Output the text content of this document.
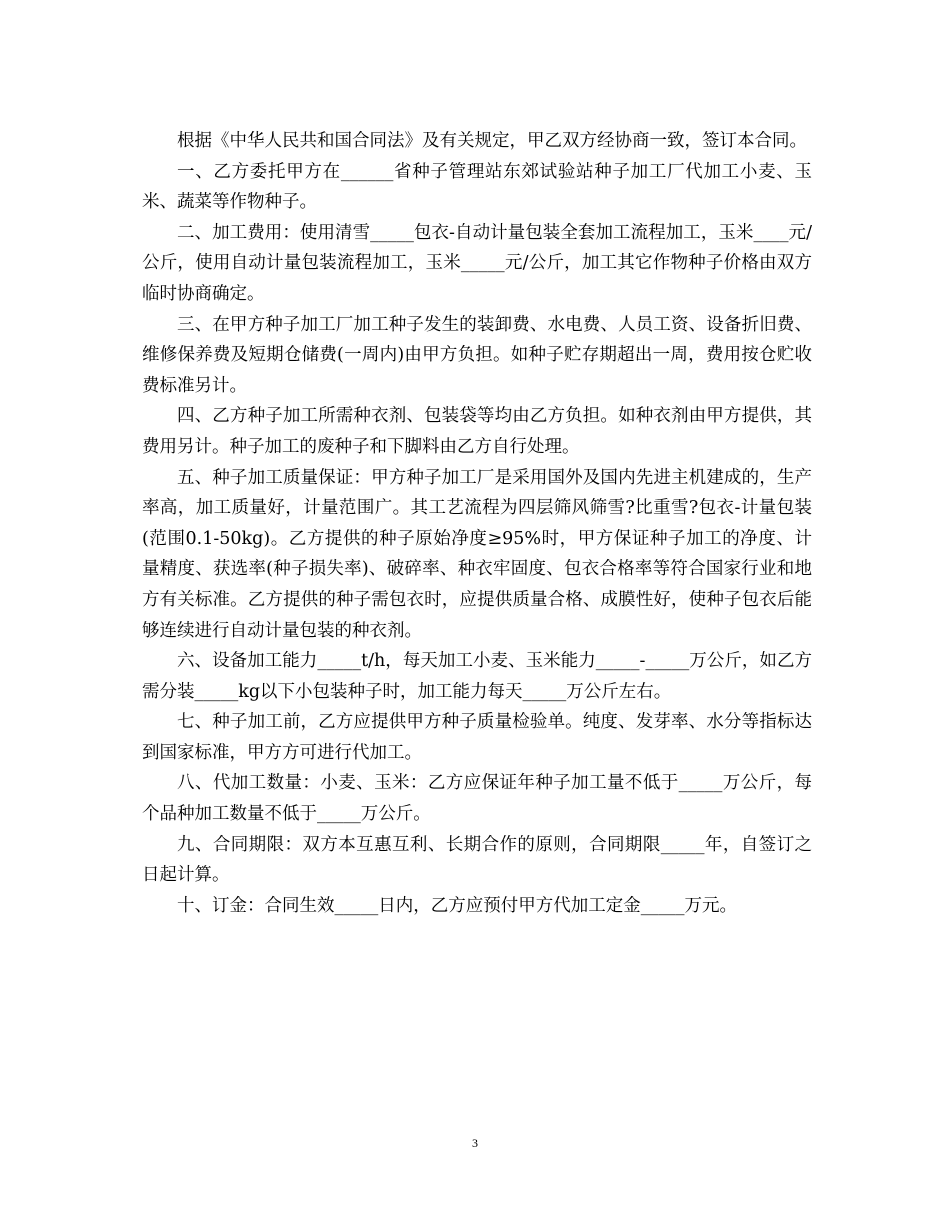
根据《中华人民共和国合同法》及有关规定，甲乙双方经协商一致，签订本合同。

一、乙方委托甲方在______省种子管理站东郊试验站种子加工厂代加工小麦、玉米、蔬菜等作物种子。

二、加工费用：使用清雪_____包衣-自动计量包装全套加工流程加工，玉米____元/公斤，使用自动计量包装流程加工，玉米_____元/公斤，加工其它作物种子价格由双方临时协商确定。

三、在甲方种子加工厂加工种子发生的装卸费、水电费、人员工资、设备折旧费、维修保养费及短期仓储费(一周内)由甲方负担。如种子贮存期超出一周，费用按仓贮收费标准另计。

四、乙方种子加工所需种衣剂、包装袋等均由乙方负担。如种衣剂由甲方提供，其费用另计。种子加工的废种子和下脚料由乙方自行处理。

五、种子加工质量保证：甲方种子加工厂是采用国外及国内先进主机建成的，生产率高，加工质量好，计量范围广。其工艺流程为四层筛风筛雪?比重雪?包衣-计量包装(范围0.1-50kg)。乙方提供的种子原始净度≥95%时，甲方保证种子加工的净度、计量精度、获选率(种子损失率)、破碎率、种衣牢固度、包衣合格率等符合国家行业和地方有关标准。乙方提供的种子需包衣时，应提供质量合格、成膜性好，使种子包衣后能够连续进行自动计量包装的种衣剂。

六、设备加工能力_____t/h，每天加工小麦、玉米能力_____-_____万公斤，如乙方需分装_____kg以下小包装种子时，加工能力每天_____万公斤左右。

七、种子加工前，乙方应提供甲方种子质量检验单。纯度、发芽率、水分等指标达到国家标准，甲方方可进行代加工。

八、代加工数量：小麦、玉米：乙方应保证年种子加工量不低于_____万公斤，每个品种加工数量不低于_____万公斤。

九、合同期限：双方本互惠互利、长期合作的原则，合同期限_____年，自签订之日起计算。

十、订金：合同生效_____日内，乙方应预付甲方代加工定金_____万元。

3
